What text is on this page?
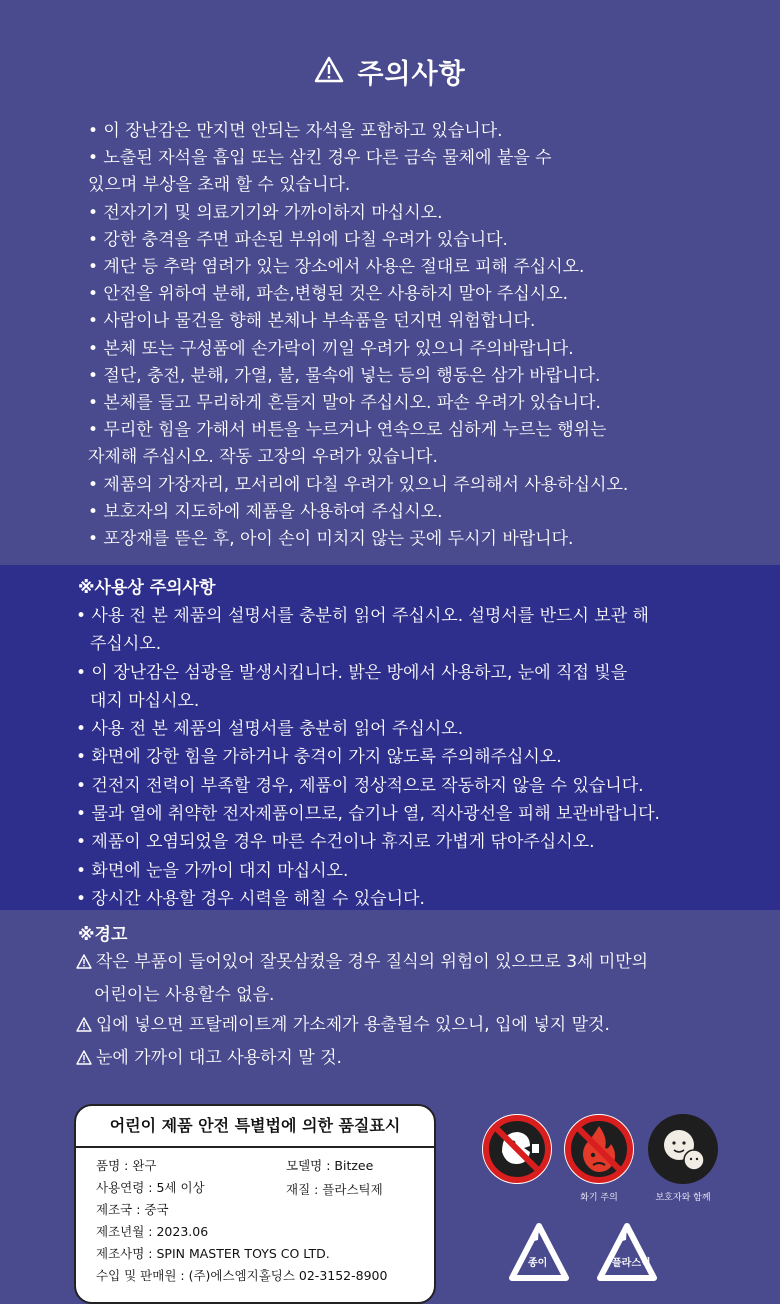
주의사항
• 이 장난감은 만지면 안되는 자석을 포함하고 있습니다.
• 노출된 자석을 흡입 또는 삼킨 경우 다른 금속 물체에 붙을 수
있으며 부상을 초래 할 수 있습니다.
• 전자기기 및 의료기기와 가까이하지 마십시오.
• 강한 충격을 주면 파손된 부위에 다칠 우려가 있습니다.
• 계단 등 추락 염려가 있는 장소에서 사용은 절대로 피해 주십시오.
• 안전을 위하여 분해, 파손,변형된 것은 사용하지 말아 주십시오.
• 사람이나 물건을 향해 본체나 부속품을 던지면 위험합니다.
• 본체 또는 구성품에 손가락이 끼일 우려가 있으니 주의바랍니다.
• 절단, 충전, 분해, 가열, 불, 물속에 넣는 등의 행동은 삼가 바랍니다.
• 본체를 들고 무리하게 흔들지 말아 주십시오. 파손 우려가 있습니다.
• 무리한 힘을 가해서 버튼을 누르거나 연속으로 심하게 누르는 행위는
자제해 주십시오. 작동 고장의 우려가 있습니다.
• 제품의 가장자리, 모서리에 다칠 우려가 있으니 주의해서 사용하십시오.
• 보호자의 지도하에 제품을 사용하여 주십시오.
• 포장재를 뜯은 후, 아이 손이 미치지 않는 곳에 두시기 바랍니다.
※사용상 주의사항
• 사용 전 본 제품의 설명서를 충분히 읽어 주십시오. 설명서를 반드시 보관 해
주십시오.
• 이 장난감은 섬광을 발생시킵니다. 밝은 방에서 사용하고, 눈에 직접 빛을
대지 마십시오.
• 사용 전 본 제품의 설명서를 충분히 읽어 주십시오.
• 화면에 강한 힘을 가하거나 충격이 가지 않도록 주의해주십시오.
• 건전지 전력이 부족할 경우, 제품이 정상적으로 작동하지 않을 수 있습니다.
• 물과 열에 취약한 전자제품이므로, 습기나 열, 직사광선을 피해 보관바랍니다.
• 제품이 오염되었을 경우 마른 수건이나 휴지로 가볍게 닦아주십시오.
• 화면에 눈을 가까이 대지 마십시오.
• 장시간 사용할 경우 시력을 해칠 수 있습니다.
※경고
작은 부품이 들어있어 잘못삼켰을 경우 질식의 위험이 있으므로 3세 미만의
어린이는 사용할수 없음.
입에 넣으면 프탈레이트계 가소제가 용출될수 있으니, 입에 넣지 말것.
눈에 가까이 대고 사용하지 말 것.
어린이 제품 안전 특별법에 의한 품질표시
품명 : 완구	모델명 : Bitzee
사용연령 : 5세 이상	재질 : 플라스틱제
제조국 : 중국
제조년월 : 2023.06
제조사명 : SPIN MASTER TOYS CO LTD.
수입 및 판매원 : (주)에스엠지홀딩스 02-3152-8900
화기 주의	보호자와 함께
종이	플라스틱
